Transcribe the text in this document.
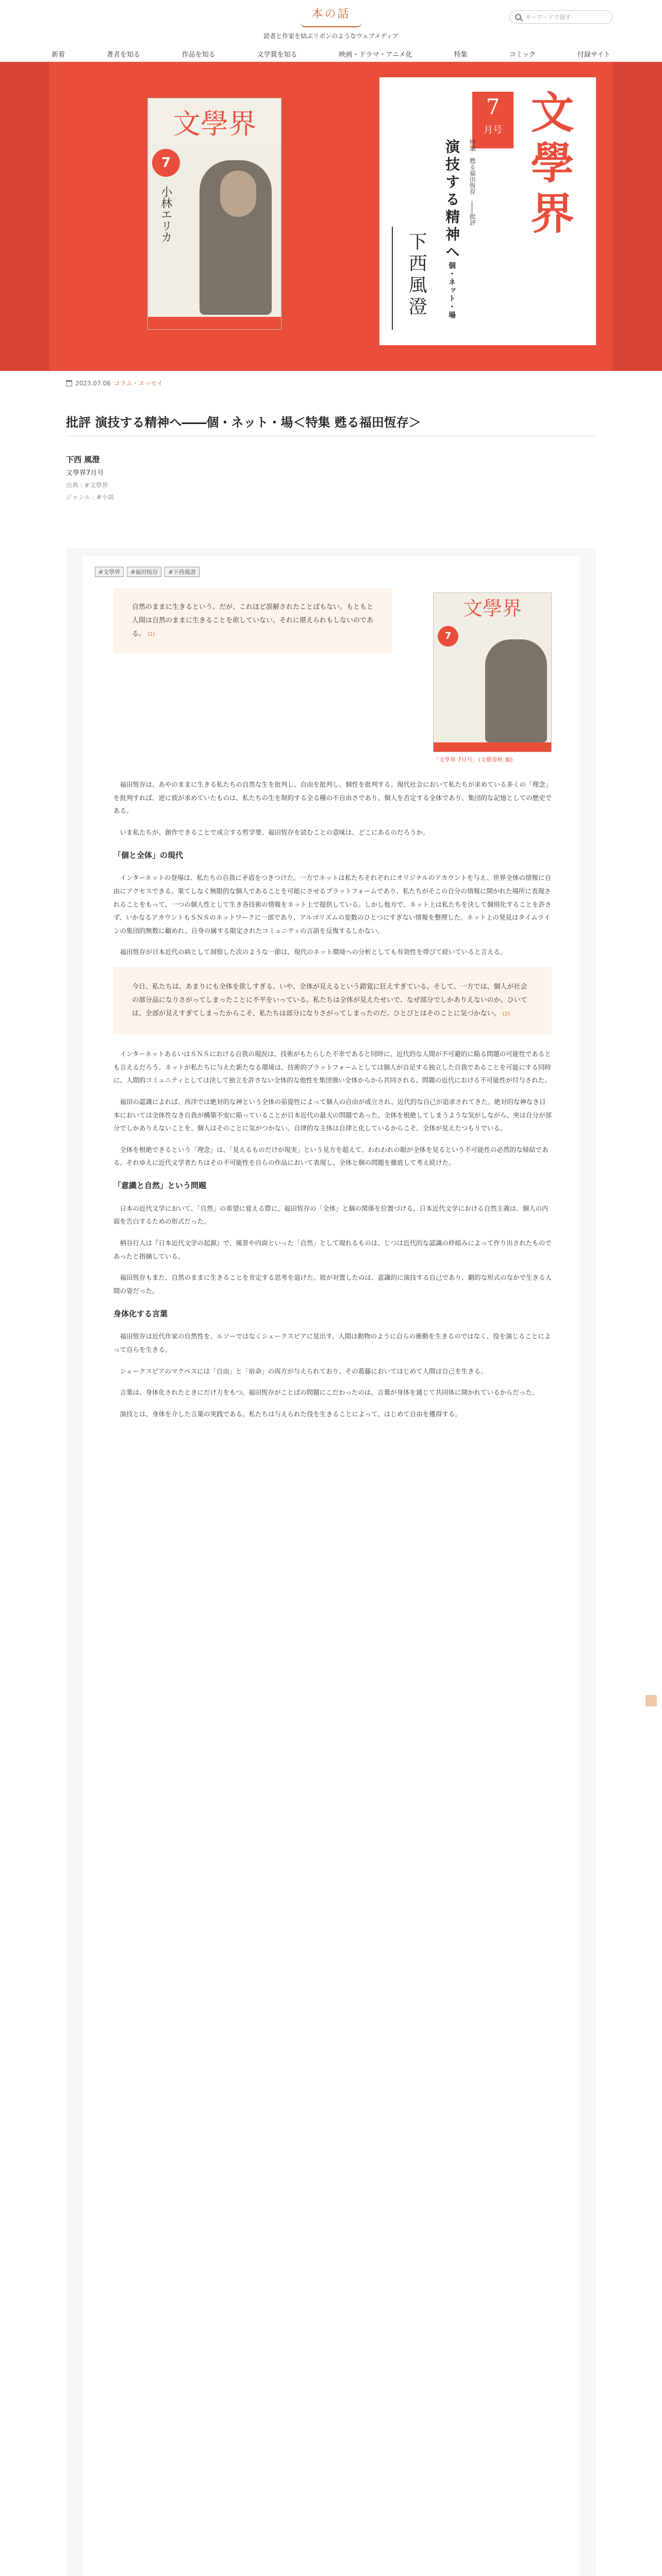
本の話
読者と作家を結ぶリボンのようなウェブメディア
キーワードで探す
新着	著者を知る	作品を知る	文学賞を知る	映画・ドラマ・アニメ化	特集	コミック	付録サイト
文學界
7
小林エリカ	文學界
7
月号
特集　甦る福田恆存　――批評
演技する精神へ個・ネット・場
下西風澄
2023.07.06 コラム・エッセイ
批評 演技する精神へ――個・ネット・場＜特集 甦る福田恆存＞
下西 風澄
文學界7月号
出典 : #文學界
ジャンル : #小説
#文學界	#福田恆存	#下西風澄
自然のままに生きるという。だが、これほど誤解されたことばもない。もともと人間は自然のままに生きることを欲していない。それに堪えられもしないのである。 (1)
文學界
7
「文學界 7月号」(文藝春秋 編)

福田恆存は、あやのままに生きる私たちの自然な生を批判し、自由を批判し、個性を批判する。現代社会において私たちが求めている多くの「理念」を批判すれば、逆に彼が求めていたものは、私たちの生を制約する全る種の不自由さであり、個人を否定する全体であり、集団的な記憶としての歴史である。

いま私たちが、創作できることで成立する哲学要、福田恆存を読むことの意味は、どこにあるのだろうか。

「個と全体」の現代

インターネットの登場は、私たちの自我に矛盾をつきつけた。一方でネットは私たちそれぞれにオリジナルのアカウントを与え、世界全体の情報に自由にアクセスできる。果てしなく無限的な個人であることを可能にさせるプラットフォームであり、私たちがそこの自分の情報に開かれた場所に表現されることをもって、一つの個人性として生き各技術の情報をネット上で提供している。しかし他方で、ネット上は私たちを決して個別化することを許さず、いかなるアカウントもＳＮＳのネットワークに一部であり、アルゴリズムの変数のひとつにすぎない情報を整理した。ネット上の発見はタイムラインの集団的無数に顧めれ、自身の属する限定されたコミュニティの言語を反復するしかない。

福田恆存が日本近代の病として洞察した次のような一節は、現代のネット環境への分析としても有効性を帯びて続いていると言える。

今日、私たちは、あまりにも全体を欲しすぎる。いや、全体が見えるという錯覚に狂えすぎている。そして、一方では、個人が社会の部分品になりさがってしまったことに不平をいっている。私たちは全体が見えたせいで、なぜ部分でしかありえないのか。ひいては、全部が見えすぎてしまったからこそ、私たちは部分になりさがってしまったのだ。ひとびとはそのことに気づかない。 (2)

インターネットあるいはＳＮＳにおける自我の現況は、技術がもたらした不幸であると同時に、近代的な人間が不可避的に陥る問題の可能性であるとも言えるだろう。ネットが私たちに与えた新たなる環境は、技術的プラットフォームとしては個人が自足する独立した自我であることを可能にする同時に、人間的コミュニティとしては決して独立を許さない全体的な他性を集団強い全体からから共同される、問題の近代における不可能性が付与された。

福田の認識によれば、西洋では絶対的な神という全体の前提性によって個人の自由が成立され、近代的な自己が追求されてきた。絶対的な神なき日本においては全体性なき自我が構築不安に陥っていることが日本近代の最大の問題であった。全体を根絶してしまうような気がしながら、実は自分が部分でしかありえないことを、個人はそのことに気がつかない。自律的な主体は自律と化しているからこそ、全体が見えたつもりでいる。

全体を根絶できるという「理念」は、「見えるものだけが現実」という見方を超えて、われわれの眼が全体を見るという不可能性の必然的な帰結である。それゆえに近代文学者たちはその不可能性を自らの作品において表現し、全体と個の問題を徹底して考え続けた。

「意識と自然」という問題

日本の近代文学において、「自然」の希望に覚える際に、福田恆存の「全体」と個の関係を位置づける。日本近代文学における自然主義は、個人の内面を告白するための形式だった。

柄谷行人は『日本近代文学の起源』で、風景や内面といった「自然」として現れるものは、じつは近代的な認識の枠組みによって作り出されたものであったと指摘している。

福田恆存もまた、自然のままに生きることを肯定する思考を退けた。彼が対置したのは、意識的に演技する自己であり、劇的な形式のなかで生きる人間の姿だった。

身体化する言葉

福田恆存は近代作家の自然性を、ルソーではなくシェークスピアに見出す。人間は動物のように自らの衝動を生きるのではなく、役を演じることによって自らを生きる。

シェークスピアのマクベスには「自由」と「宿命」の両方が与えられており、その葛藤においてはじめて人間は自己を生きる。

言葉は、身体化されたときにだけ力をもつ。福田恆存がことばの問題にこだわったのは、言葉が身体を通じて共同体に開かれているからだった。

演技とは、身体を介した言葉の実践である。私たちは与えられた役を生きることによって、はじめて自由を獲得する。
